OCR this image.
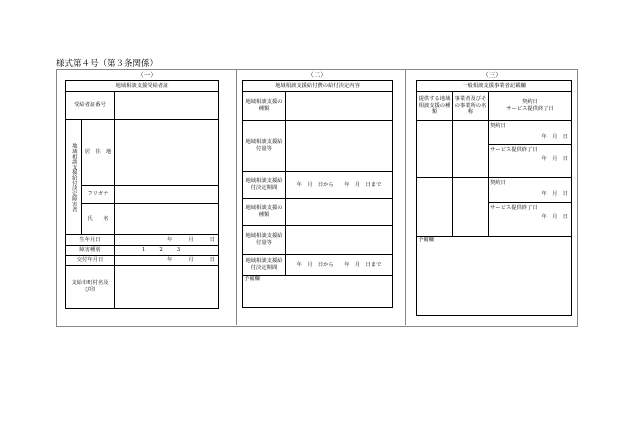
様式第４号（第３条関係）
（一）	（二）	（三）
地域相談支援受給者証		
受給者証番号		

地域相談支援給付決定障害者	居　住　地	
	フリガナ	
	氏　　名	
生年月日		年 月 日

障害種別		1 2 3

交付年月日		年 月 日

支給市町村名及び印		
地域相談支援給付費の給付決定内容	
地域相談支援の種類	
地域相談支援給付量等	
地域相談支援給付決定期間	年　月　日から　　年　月　日まで
地域相談支援の種類	
地域相談支援給付量等	
地域相談支援給付決定期間	年　月　日から　　年　月　日まで
予備欄	
一般相談支援事業者記載欄		
提供する地域相談支援の種類	事業者及びその事業所の名称	契約日
サービス提供終了日

		契約日
年　月　日
サービス提供終了日
年　月　日

		契約日
年　月　日
サービス提供終了日
年　月　日

予備欄		
